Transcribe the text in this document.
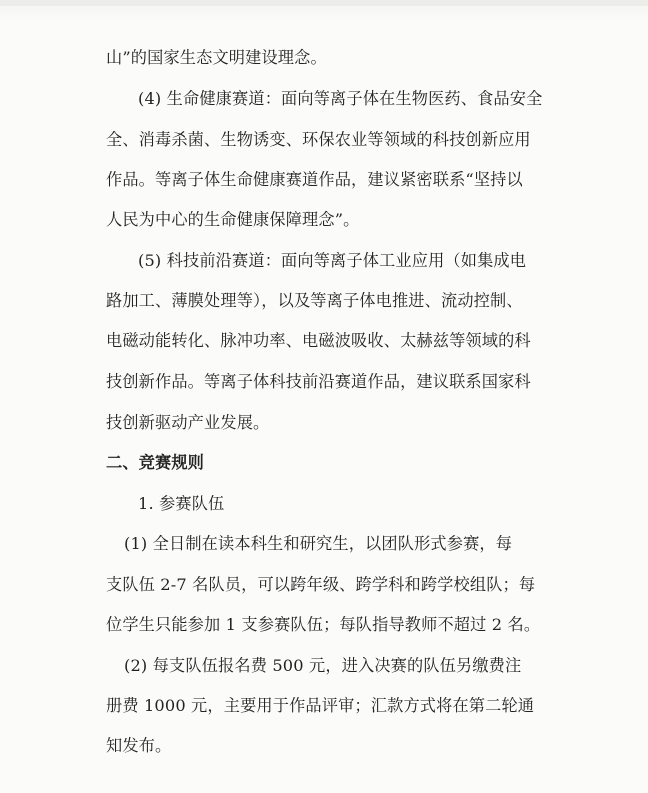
山”的国家生态文明建设理念。
(4) 生命健康赛道：面向等离子体在生物医药、食品安全
全、消毒杀菌、生物诱变、环保农业等领域的科技创新应用
作品。等离子体生命健康赛道作品，建议紧密联系“坚持以
人民为中心的生命健康保障理念”。
(5) 科技前沿赛道：面向等离子体工业应用（如集成电
路加工、薄膜处理等），以及等离子体电推进、流动控制、
电磁动能转化、脉冲功率、电磁波吸收、太赫兹等领域的科
技创新作品。等离子体科技前沿赛道作品，建议联系国家科
技创新驱动产业发展。
二、竞赛规则
1. 参赛队伍
(1) 全日制在读本科生和研究生，以团队形式参赛，每
支队伍 2-7 名队员，可以跨年级、跨学科和跨学校组队；每
位学生只能参加 1 支参赛队伍；每队指导教师不超过 2 名。
(2) 每支队伍报名费 500 元，进入决赛的队伍另缴费注
册费 1000 元，主要用于作品评审；汇款方式将在第二轮通
知发布。
